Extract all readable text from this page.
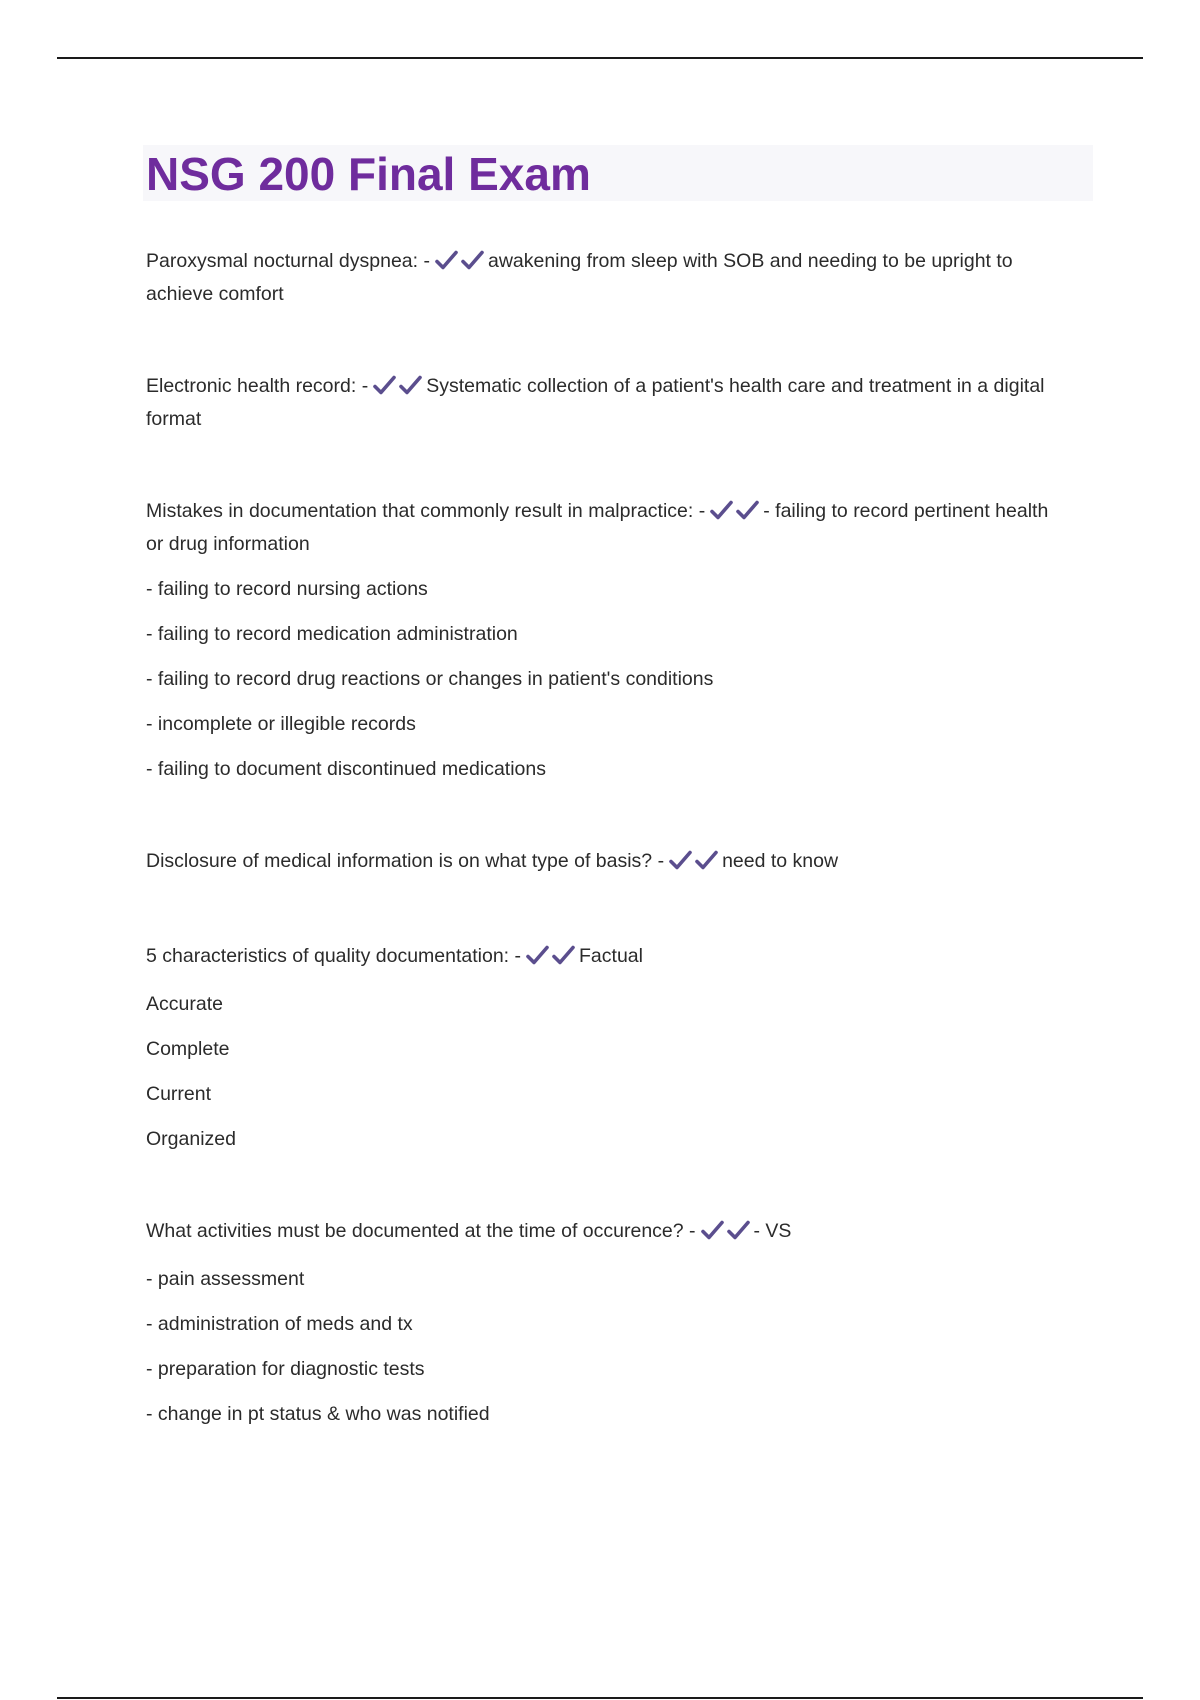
NSG 200 Final Exam

Paroxysmal nocturnal dyspnea: -	awakening from sleep with SOB and needing to be upright to achieve comfort

Electronic health record: -	Systematic collection of a patient's health care and treatment in a digital format

Mistakes in documentation that commonly result in malpractice: -	- failing to record pertinent health or drug information

- failing to record nursing actions

- failing to record medication administration

- failing to record drug reactions or changes in patient's conditions

- incomplete or illegible records

- failing to document discontinued medications

Disclosure of medical information is on what type of basis? -	need to know

5 characteristics of quality documentation: -	Factual

Accurate

Complete

Current

Organized

What activities must be documented at the time of occurence? -	- VS

- pain assessment

- administration of meds and tx

- preparation for diagnostic tests

- change in pt status & who was notified
